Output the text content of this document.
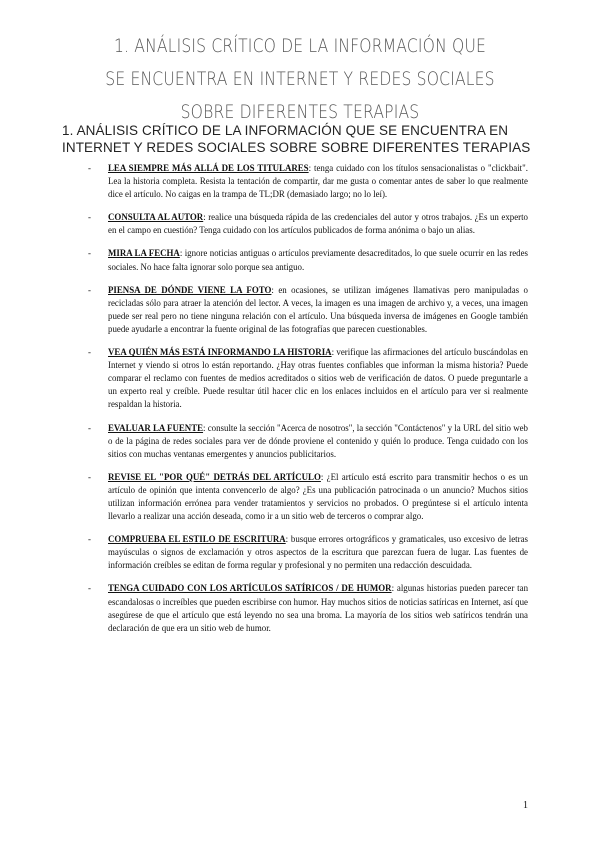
1. ANÁLISIS CRÍTICO DE LA INFORMACIÓN QUE SE ENCUENTRA EN INTERNET Y REDES SOCIALES SOBRE DIFERENTES TERAPIAS
1. ANÁLISIS CRÍTICO DE LA INFORMACIÓN QUE SE ENCUENTRA EN INTERNET Y REDES SOCIALES SOBRE SOBRE DIFERENTES TERAPIAS
- LEA SIEMPRE MÁS ALLÁ DE LOS TITULARES: tenga cuidado con los títulos sensacionalistas o "clickbait". Lea la historia completa. Resista la tentación de compartir, dar me gusta o comentar antes de saber lo que realmente dice el artículo. No caigas en la trampa de TL;DR (demasiado largo; no lo leí).
- CONSULTA AL AUTOR: realice una búsqueda rápida de las credenciales del autor y otros trabajos. ¿Es un experto en el campo en cuestión? Tenga cuidado con los artículos publicados de forma anónima o bajo un alias.
- MIRA LA FECHA: ignore noticias antiguas o artículos previamente desacreditados, lo que suele ocurrir en las redes sociales. No hace falta ignorar solo porque sea antiguo.
- PIENSA DE DÓNDE VIENE LA FOTO: en ocasiones, se utilizan imágenes llamativas pero manipuladas o recicladas sólo para atraer la atención del lector. A veces, la imagen es una imagen de archivo y, a veces, una imagen puede ser real pero no tiene ninguna relación con el artículo. Una búsqueda inversa de imágenes en Google también puede ayudarle a encontrar la fuente original de las fotografías que parecen cuestionables.
- VEA QUIÉN MÁS ESTÁ INFORMANDO LA HISTORIA: verifique las afirmaciones del artículo buscándolas en Internet y viendo si otros lo están reportando. ¿Hay otras fuentes confiables que informan la misma historia? Puede comparar el reclamo con fuentes de medios acreditados o sitios web de verificación de datos. O puede preguntarle a un experto real y creíble. Puede resultar útil hacer clic en los enlaces incluidos en el artículo para ver si realmente respaldan la historia.
- EVALUAR LA FUENTE: consulte la sección "Acerca de nosotros", la sección "Contáctenos" y la URL del sitio web o de la página de redes sociales para ver de dónde proviene el contenido y quién lo produce. Tenga cuidado con los sitios con muchas ventanas emergentes y anuncios publicitarios.
- REVISE EL "POR QUÉ" DETRÁS DEL ARTÍCULO: ¿El artículo está escrito para transmitir hechos o es un artículo de opinión que intenta convencerlo de algo? ¿Es una publicación patrocinada o un anuncio? Muchos sitios utilizan información errónea para vender tratamientos y servicios no probados. O pregúntese si el artículo intenta llevarlo a realizar una acción deseada, como ir a un sitio web de terceros o comprar algo.
- COMPRUEBA EL ESTILO DE ESCRITURA: busque errores ortográficos y gramaticales, uso excesivo de letras mayúsculas o signos de exclamación y otros aspectos de la escritura que parezcan fuera de lugar. Las fuentes de información creíbles se editan de forma regular y profesional y no permiten una redacción descuidada.
- TENGA CUIDADO CON LOS ARTÍCULOS SATÍRICOS / DE HUMOR: algunas historias pueden parecer tan escandalosas o increíbles que pueden escribirse con humor. Hay muchos sitios de noticias satíricas en Internet, así que asegúrese de que el artículo que está leyendo no sea una broma. La mayoría de los sitios web satíricos tendrán una declaración de que era un sitio web de humor.
1
